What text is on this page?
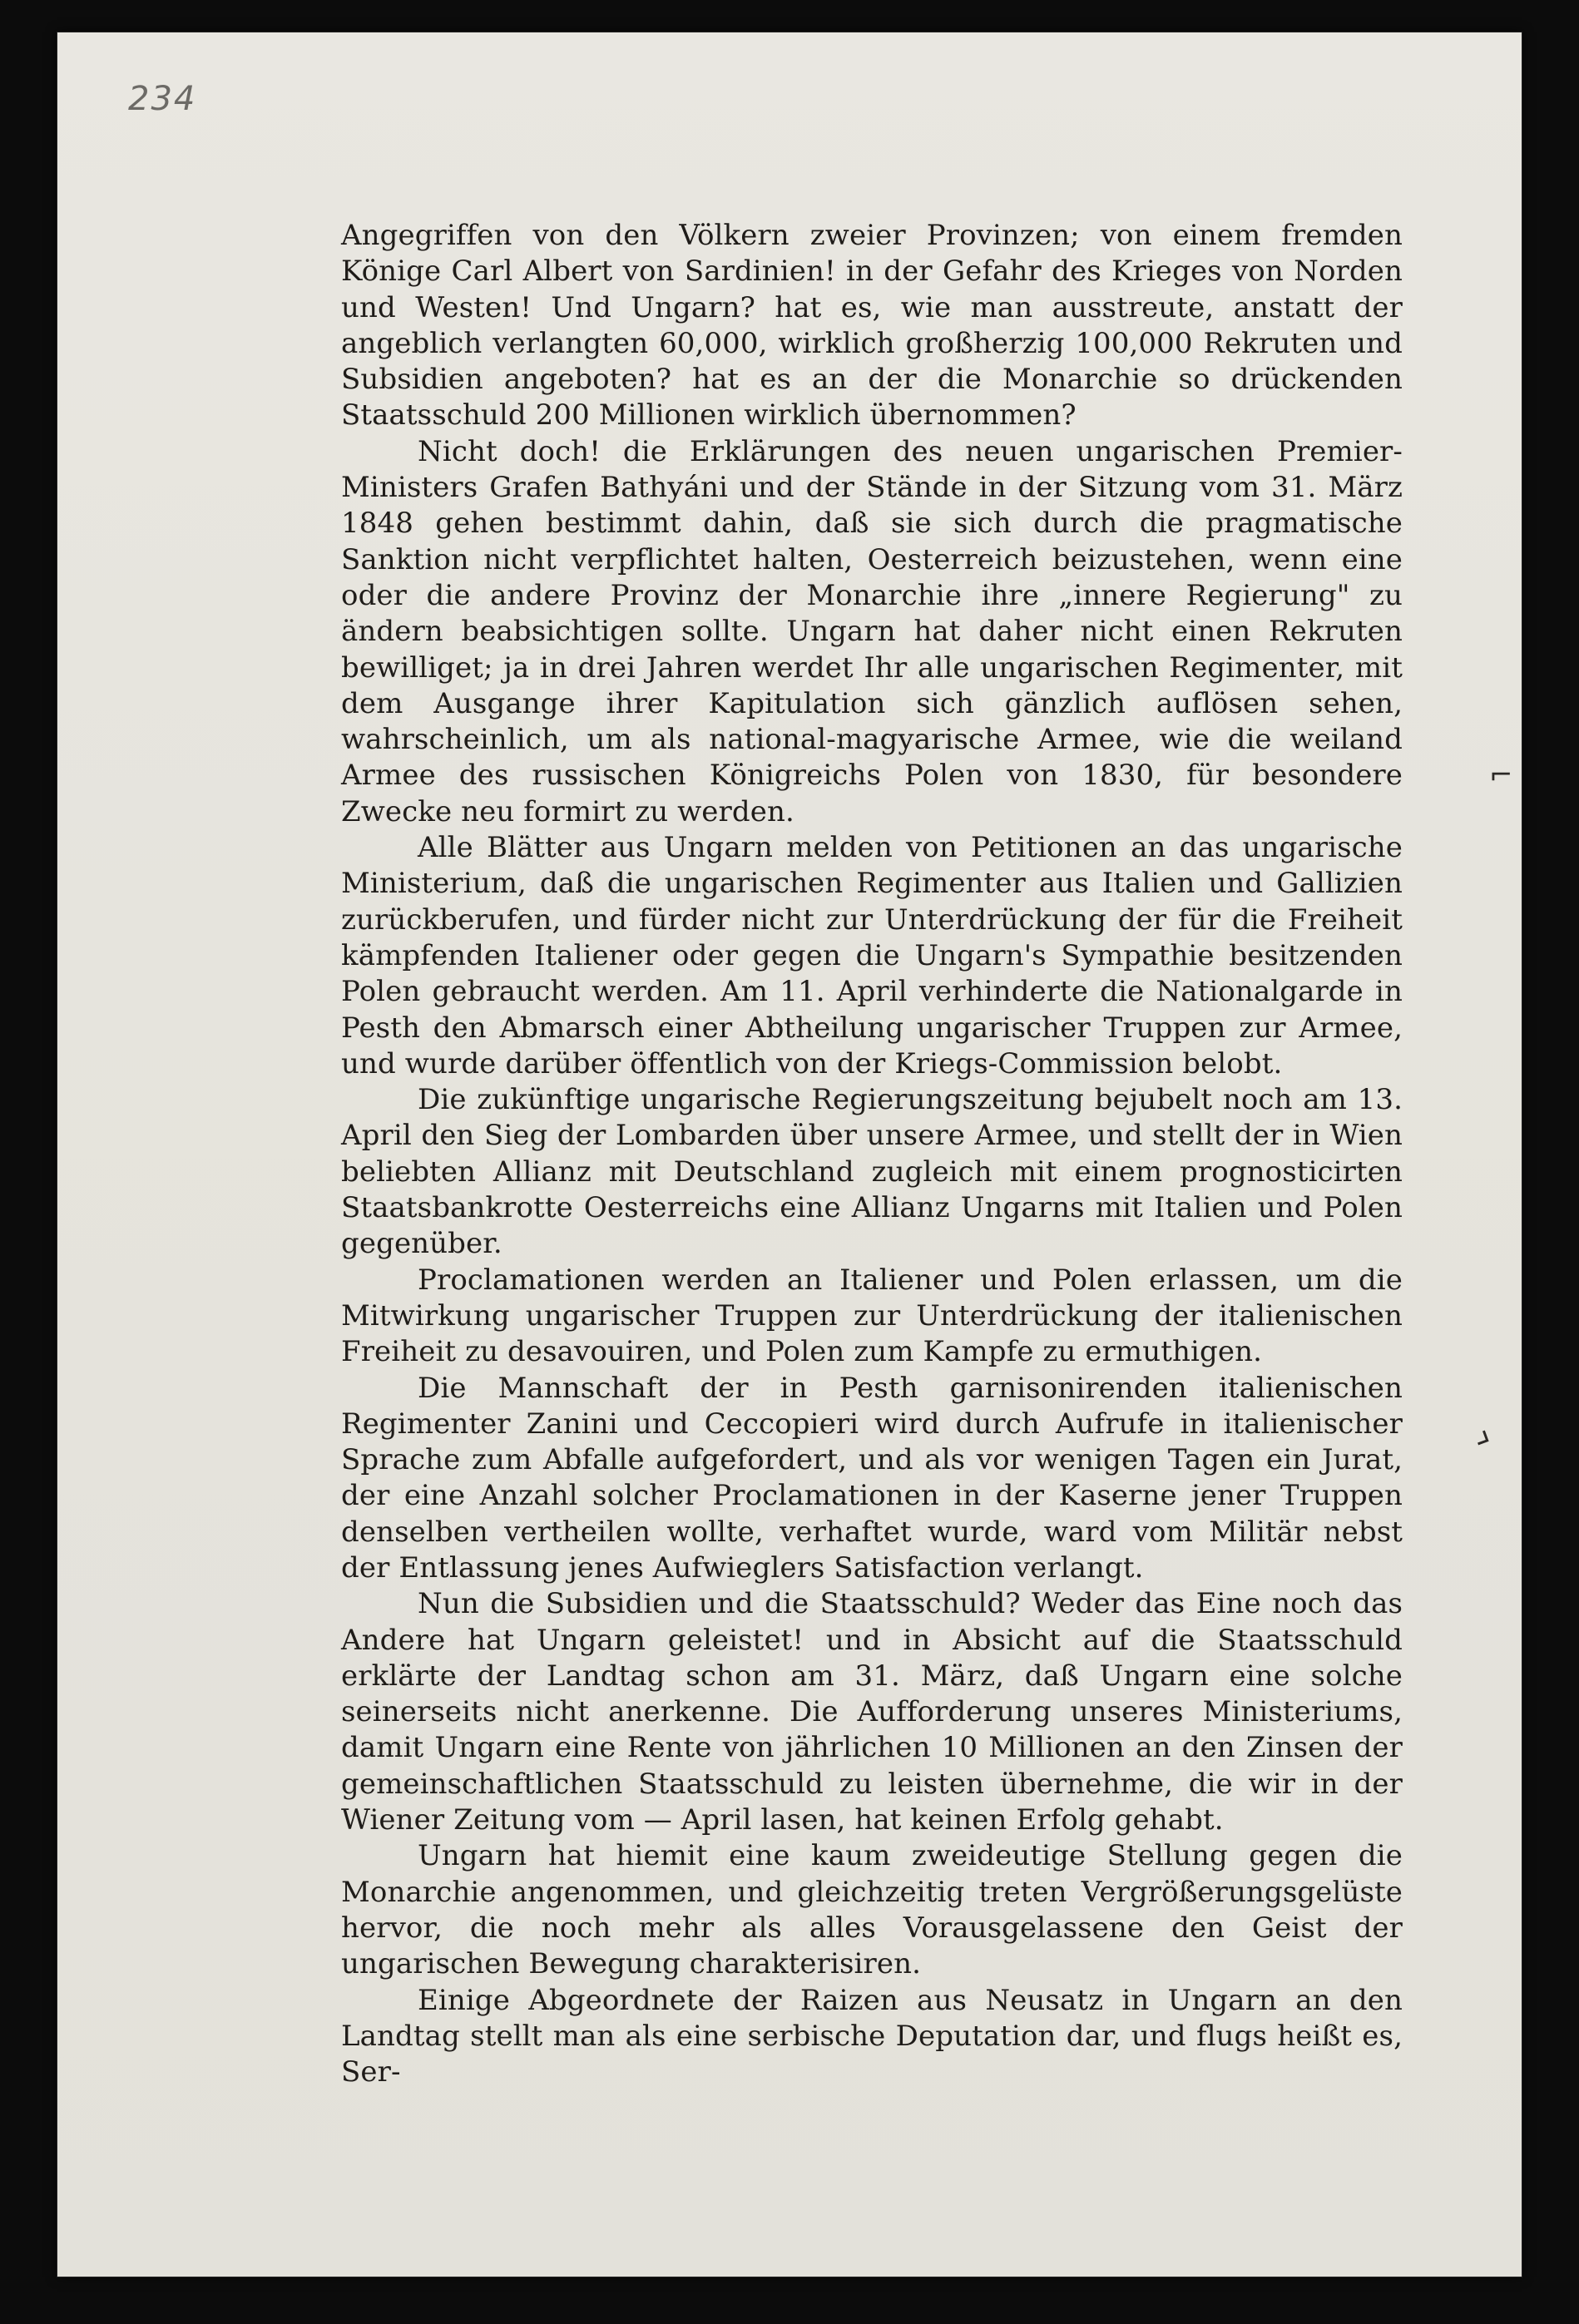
234

Angegriffen von den Völkern zweier Provinzen; von einem fremden Könige Carl Albert von Sardinien! in der Gefahr des Krieges von Norden und Westen! Und Ungarn? hat es, wie man ausstreute, anstatt der angeblich verlangten 60,000, wirklich großherzig 100,000 Rekruten und Subsidien angeboten? hat es an der die Monarchie so drückenden Staatsschuld 200 Millionen wirklich übernommen?

Nicht doch! die Erklärungen des neuen ungarischen Premier-Ministers Grafen Bathyáni und der Stände in der Sitzung vom 31. März 1848 gehen bestimmt dahin, daß sie sich durch die pragmatische Sanktion nicht verpflichtet halten, Oesterreich beizustehen, wenn eine oder die andere Provinz der Monarchie ihre „innere Regierung" zu ändern beabsichtigen sollte. Ungarn hat daher nicht einen Rekruten bewilliget; ja in drei Jahren werdet Ihr alle ungarischen Regimenter, mit dem Ausgange ihrer Kapitulation sich gänzlich auflösen sehen, wahrscheinlich, um als national-magyarische Armee, wie die weiland Armee des russischen Königreichs Polen von 1830, für besondere Zwecke neu formirt zu werden.

Alle Blätter aus Ungarn melden von Petitionen an das ungarische Ministerium, daß die ungarischen Regimenter aus Italien und Gallizien zurückberufen, und fürder nicht zur Unterdrückung der für die Freiheit kämpfenden Italiener oder gegen die Ungarn's Sympathie besitzenden Polen gebraucht werden. Am 11. April verhinderte die Nationalgarde in Pesth den Abmarsch einer Abtheilung ungarischer Truppen zur Armee, und wurde darüber öffentlich von der Kriegs-Commission belobt.

Die zukünftige ungarische Regierungszeitung bejubelt noch am 13. April den Sieg der Lombarden über unsere Armee, und stellt der in Wien beliebten Allianz mit Deutschland zugleich mit einem prognosticirten Staatsbankrotte Oesterreichs eine Allianz Ungarns mit Italien und Polen gegenüber.

Proclamationen werden an Italiener und Polen erlassen, um die Mitwirkung ungarischer Truppen zur Unterdrückung der italienischen Freiheit zu desavouiren, und Polen zum Kampfe zu ermuthigen.

Die Mannschaft der in Pesth garnisonirenden italienischen Regimenter Zanini und Ceccopieri wird durch Aufrufe in italienischer Sprache zum Abfalle aufgefordert, und als vor wenigen Tagen ein Jurat, der eine Anzahl solcher Proclamationen in der Kaserne jener Truppen denselben vertheilen wollte, verhaftet wurde, ward vom Militär nebst der Entlassung jenes Aufwieglers Satisfaction verlangt.

Nun die Subsidien und die Staatsschuld? Weder das Eine noch das Andere hat Ungarn geleistet! und in Absicht auf die Staatsschuld erklärte der Landtag schon am 31. März, daß Ungarn eine solche seinerseits nicht anerkenne. Die Aufforderung unseres Ministeriums, damit Ungarn eine Rente von jährlichen 10 Millionen an den Zinsen der gemeinschaftlichen Staatsschuld zu leisten übernehme, die wir in der Wiener Zeitung vom — April lasen, hat keinen Erfolg gehabt.

Ungarn hat hiemit eine kaum zweideutige Stellung gegen die Monarchie angenommen, und gleichzeitig treten Vergrößerungsgelüste hervor, die noch mehr als alles Vorausgelassene den Geist der ungarischen Bewegung charakterisiren.

Einige Abgeordnete der Raizen aus Neusatz in Ungarn an den Landtag stellt man als eine serbische Deputation dar, und flugs heißt es, Ser-

⌐
⌟
